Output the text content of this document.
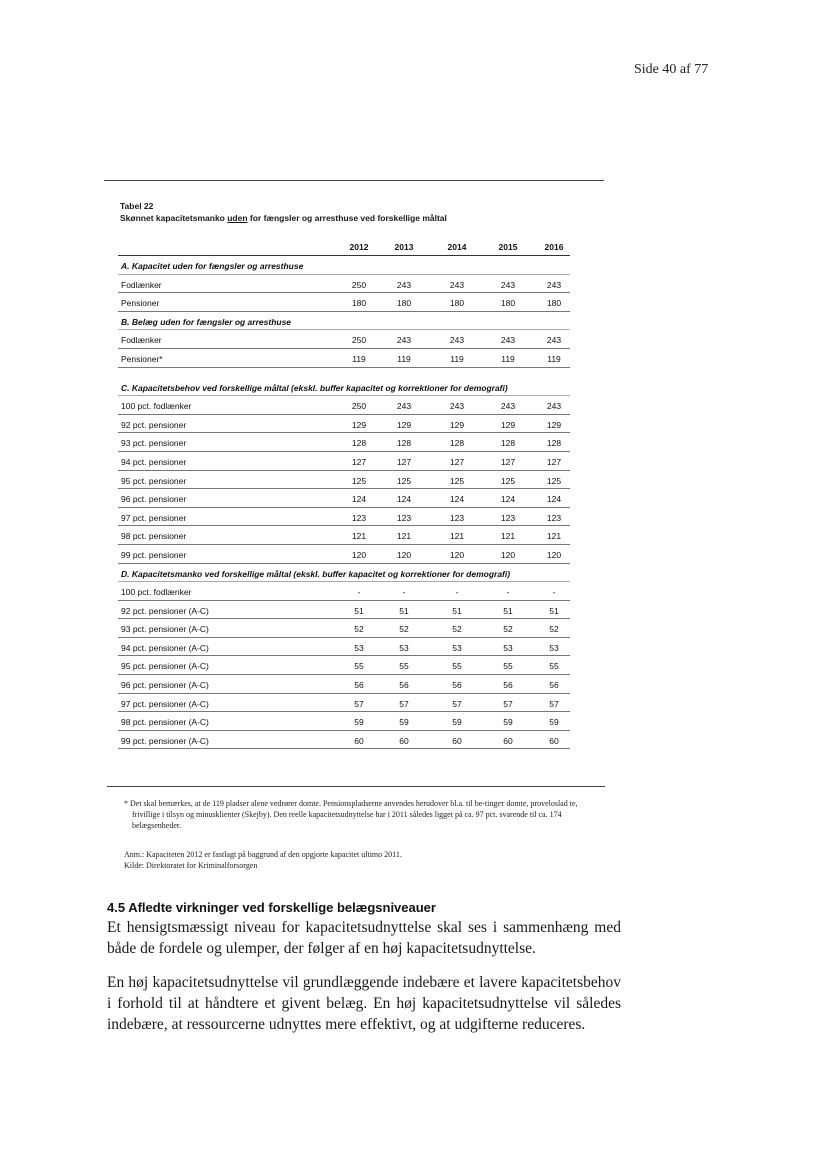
Side 40 af 77
Tabel 22
Skønnet kapacitetsmanko uden for fængsler og arresthuse ved forskellige måltal
2012	2013	2014	2015	2016
A. Kapacitet uden for fængsler og arresthuse
Fodlænker	250	243	243	243	243
Pensioner	180	180	180	180	180
B. Belæg uden for fængsler og arresthuse
Fodlænker	250	243	243	243	243
Pensioner*	119	119	119	119	119
C. Kapacitetsbehov ved forskellige måltal (ekskl. buffer kapacitet og korrektioner for demografi)
100 pct. fodlænker	250	243	243	243	243
92 pct. pensioner	129	129	129	129	129
93 pct. pensioner	128	128	128	128	128
94 pct. pensioner	127	127	127	127	127
95 pct. pensioner	125	125	125	125	125
96 pct. pensioner	124	124	124	124	124
97 pct. pensioner	123	123	123	123	123
98 pct. pensioner	121	121	121	121	121
99 pct. pensioner	120	120	120	120	120
D. Kapacitetsmanko ved forskellige måltal (ekskl. buffer kapacitet og korrektioner for demografi)
100 pct. fodlænker	-	-	-	-	-
92 pct. pensioner (A-C)	51	51	51	51	51
93 pct. pensioner (A-C)	52	52	52	52	52
94 pct. pensioner (A-C)	53	53	53	53	53
95 pct. pensioner (A-C)	55	55	55	55	55
96 pct. pensioner (A-C)	56	56	56	56	56
97 pct. pensioner (A-C)	57	57	57	57	57
98 pct. pensioner (A-C)	59	59	59	59	59
99 pct. pensioner (A-C)	60	60	60	60	60

* Det skal bemærkes, at de 119 pladser alene vedrører domte. Pensionspladserne anvendes herudover bl.a. til be-tingет domte, proveloslad te, frivillige i tilsyn og minusklienter (Skejby). Den reelle kapacitetsudnyttelse har i 2011 således ligget på ca. 97 pct. svarende til ca. 174 belægsenheder.

Anm.: Kapaciteten 2012 er fastlagt på baggrund af den opgjorte kapacitet ultimo 2011.

Kilde: Direktoratet for Kriminalforsorgen

4.5 Afledte virkninger ved forskellige belægsniveauer

Et hensigtsmæssigt niveau for kapacitetsudnyttelse skal ses i sammenhæng med både de fordele og ulemper, der følger af en høj kapacitetsudnyttelse.

En høj kapacitetsudnyttelse vil grundlæggende indebære et lavere kapacitetsbehov i forhold til at håndtere et givent belæg. En høj kapacitetsudnyttelse vil således indebære, at ressourcerne udnyttes mere effektivt, og at udgifterne reduceres.
